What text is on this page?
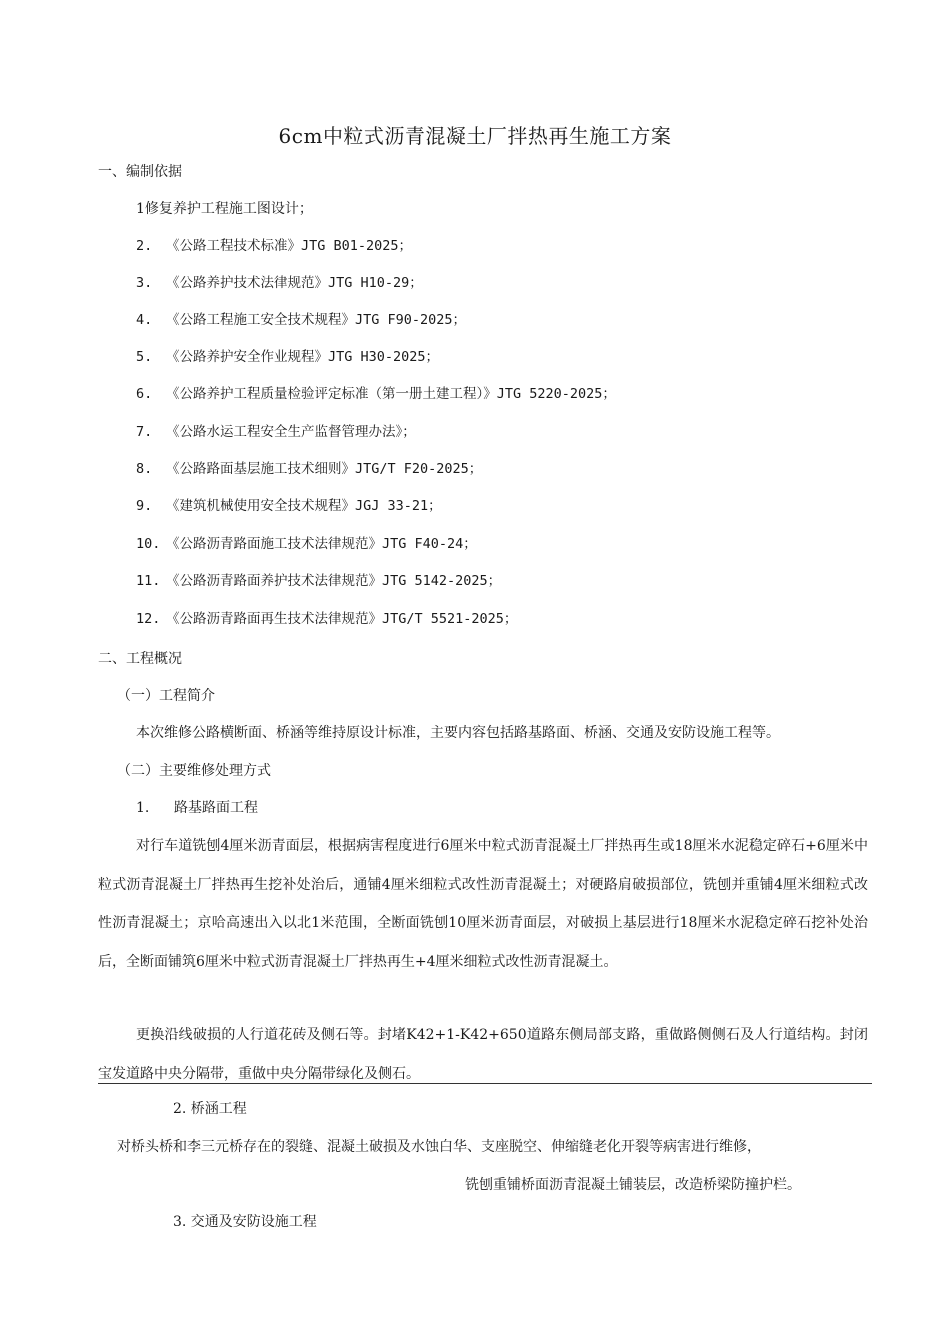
6cm中粒式沥青混凝土厂拌热再生施工方案
一、编制依据
1修复养护工程施工图设计；
2. 《公路工程技术标准》JTG B01-2025；
3. 《公路养护技术法律规范》JTG H10-29；
4. 《公路工程施工安全技术规程》JTG F90-2025；
5. 《公路养护安全作业规程》JTG H30-2025；
6. 《公路养护工程质量检验评定标准（第一册土建工程）》JTG 5220-2025；
7. 《公路水运工程安全生产监督管理办法》；
8. 《公路路面基层施工技术细则》JTG/T F20-2025；
9. 《建筑机械使用安全技术规程》JGJ 33-21；
10. 《公路沥青路面施工技术法律规范》JTG F40-24；
11. 《公路沥青路面养护技术法律规范》JTG 5142-2025；
12. 《公路沥青路面再生技术法律规范》JTG/T 5521-2025；
二、工程概况
（一）工程简介
本次维修公路横断面、桥涵等维持原设计标准，主要内容包括路基路面、桥涵、交通及安防设施工程等。
（二）主要维修处理方式
1. 路基路面工程
对行车道铣刨4厘米沥青面层，根据病害程度进行6厘米中粒式沥青混凝土厂拌热再生或18厘米水泥稳定碎石+6厘米中粒式沥青混凝土厂拌热再生挖补处治后，通铺4厘米细粒式改性沥青混凝土；对硬路肩破损部位，铣刨并重铺4厘米细粒式改性沥青混凝土；京哈高速出入以北1米范围，全断面铣刨10厘米沥青面层，对破损上基层进行18厘米水泥稳定碎石挖补处治后，全断面铺筑6厘米中粒式沥青混凝土厂拌热再生+4厘米细粒式改性沥青混凝土。
更换沿线破损的人行道花砖及侧石等。封堵K42+1-K42+650道路东侧局部支路，重做路侧侧石及人行道结构。封闭宝发道路中央分隔带，重做中央分隔带绿化及侧石。
2. 桥涵工程
对桥头桥和李三元桥存在的裂缝、混凝土破损及水蚀白华、支座脱空、伸缩缝老化开裂等病害进行维修，
铣刨重铺桥面沥青混凝土铺装层，改造桥梁防撞护栏。
3. 交通及安防设施工程
